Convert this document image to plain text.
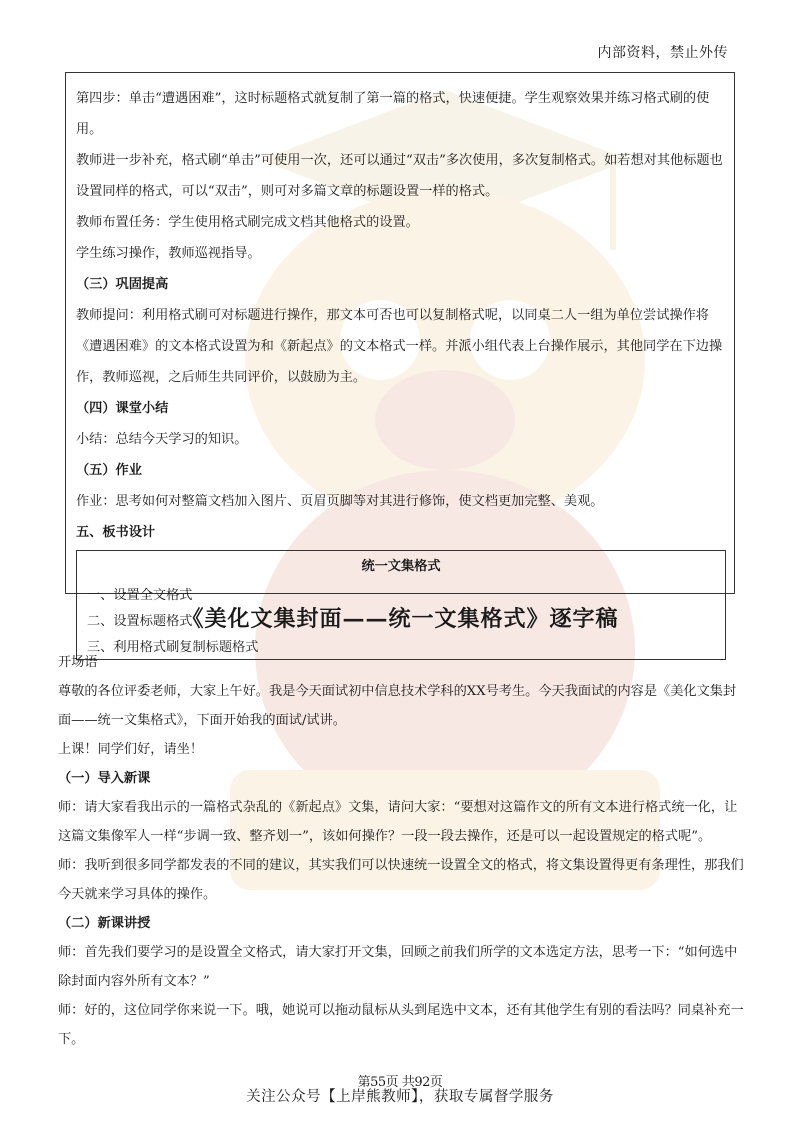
内部资料，禁止外传

第四步：单击“遭遇困难”，这时标题格式就复制了第一篇的格式，快速便捷。学生观察效果并练习格式刷的使用。

教师进一步补充，格式刷“单击”可使用一次，还可以通过“双击”多次使用，多次复制格式。如若想对其他标题也设置同样的格式，可以“双击”，则可对多篇文章的标题设置一样的格式。

教师布置任务：学生使用格式刷完成文档其他格式的设置。

学生练习操作，教师巡视指导。

（三）巩固提高

教师提问：利用格式刷可对标题进行操作，那文本可否也可以复制格式呢，以同桌二人一组为单位尝试操作将《遭遇困难》的文本格式设置为和《新起点》的文本格式一样。并派小组代表上台操作展示，其他同学在下边操作，教师巡视，之后师生共同评价，以鼓励为主。

（四）课堂小结

小结：总结今天学习的知识。

（五）作业

作业：思考如何对整篇文档加入图片、页眉页脚等对其进行修饰，使文档更加完整、美观。

五、板书设计

统一文集格式

一、设置全文格式

二、设置标题格式

三、利用格式刷复制标题格式

《美化文集封面——统一文集格式》逐字稿

开场语

尊敬的各位评委老师，大家上午好。我是今天面试初中信息技术学科的XX号考生。今天我面试的内容是《美化文集封面——统一文集格式》，下面开始我的面试/试讲。

上课！同学们好，请坐！

（一）导入新课

师：请大家看我出示的一篇格式杂乱的《新起点》文集，请问大家：“要想对这篇作文的所有文本进行格式统一化，让这篇文集像军人一样“步调一致、整齐划一”，该如何操作？一段一段去操作，还是可以一起设置规定的格式呢”。

师：我听到很多同学都发表的不同的建议，其实我们可以快速统一设置全文的格式，将文集设置得更有条理性，那我们今天就来学习具体的操作。

（二）新课讲授

师：首先我们要学习的是设置全文格式，请大家打开文集，回顾之前我们所学的文本选定方法，思考一下：“如何选中除封面内容外所有文本？”

师：好的，这位同学你来说一下。哦，她说可以拖动鼠标从头到尾选中文本，还有其他学生有别的看法吗？同桌补充一下。

第55页 共92页
关注公众号【上岸熊教师】，获取专属督学服务
